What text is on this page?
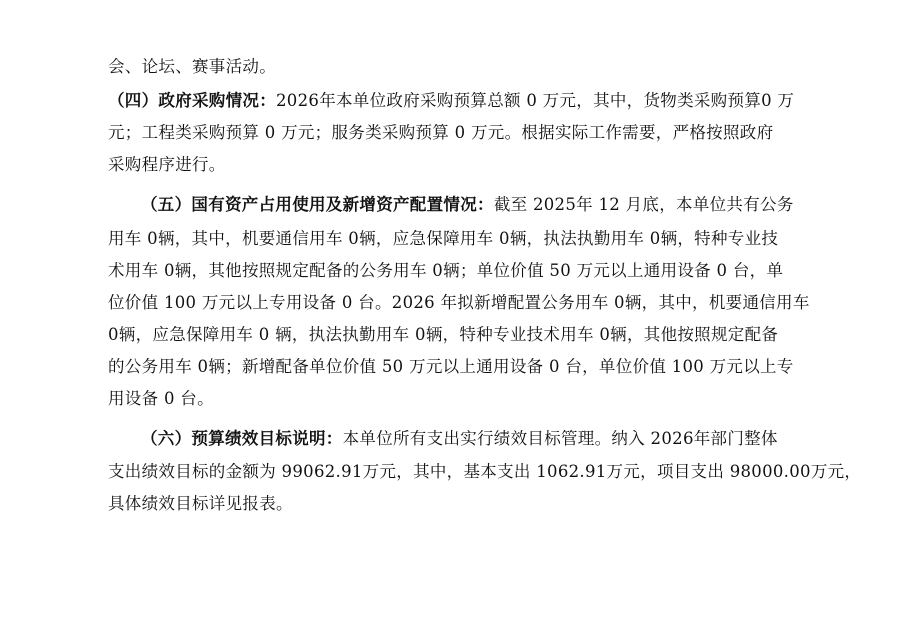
会、论坛、赛事活动。
（四）政府采购情况：2026年本单位政府采购预算总额 0 万元，其中，货物类采购预算0 万
元；工程类采购预算 0 万元；服务类采购预算 0 万元。根据实际工作需要，严格按照政府
采购程序进行。
（五）国有资产占用使用及新增资产配置情况：截至 2025年 12 月底，本单位共有公务
用车 0辆，其中，机要通信用车 0辆，应急保障用车 0辆，执法执勤用车 0辆，特种专业技
术用车 0辆，其他按照规定配备的公务用车 0辆；单位价值 50 万元以上通用设备 0 台，单
位价值 100 万元以上专用设备 0 台。2026 年拟新增配置公务用车 0辆，其中，机要通信用车
0辆，应急保障用车 0 辆，执法执勤用车 0辆，特种专业技术用车 0辆，其他按照规定配备
的公务用车 0辆；新增配备单位价值 50 万元以上通用设备 0 台，单位价值 100 万元以上专
用设备 0 台。
（六）预算绩效目标说明：本单位所有支出实行绩效目标管理。纳入 2026年部门整体
支出绩效目标的金额为 99062.91万元，其中，基本支出 1062.91万元，项目支出 98000.00万元，
具体绩效目标详见报表。
